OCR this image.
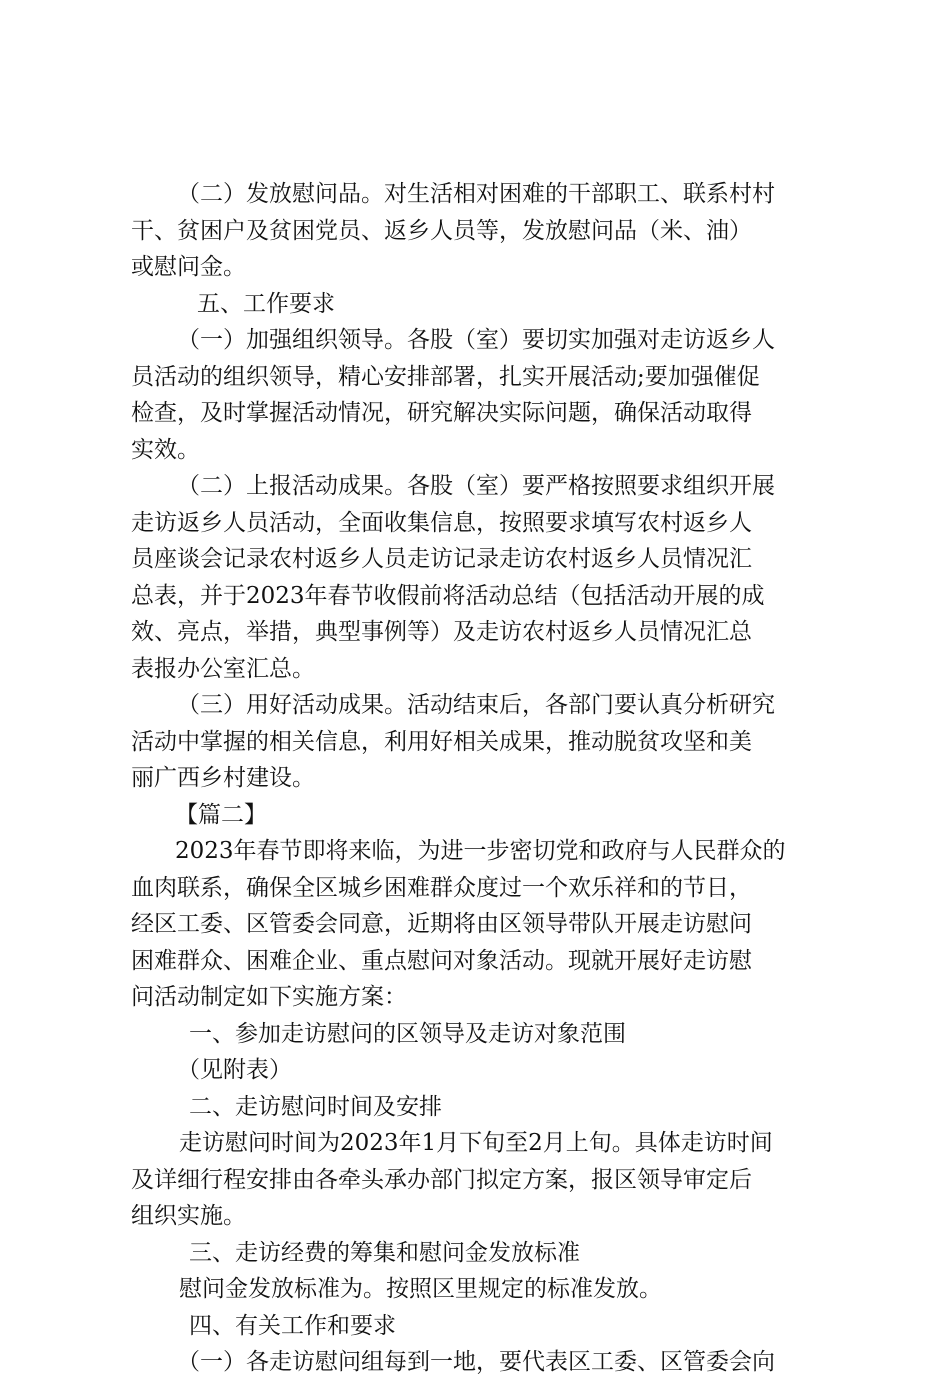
（二）发放慰问品。对生活相对困难的干部职工、联系村村
干、贫困户及贫困党员、返乡人员等，发放慰问品（米、油）
或慰问金。
五、工作要求
（一）加强组织领导。各股（室）要切实加强对走访返乡人
员活动的组织领导，精心安排部署，扎实开展活动;要加强催促
检查，及时掌握活动情况，研究解决实际问题，确保活动取得
实效。
（二）上报活动成果。各股（室）要严格按照要求组织开展
走访返乡人员活动，全面收集信息，按照要求填写农村返乡人
员座谈会记录农村返乡人员走访记录走访农村返乡人员情况汇
总表，并于2023年春节收假前将活动总结（包括活动开展的成
效、亮点，举措，典型事例等）及走访农村返乡人员情况汇总
表报办公室汇总。
（三）用好活动成果。活动结束后，各部门要认真分析研究
活动中掌握的相关信息，利用好相关成果，推动脱贫攻坚和美
丽广西乡村建设。
【篇二】
2023年春节即将来临，为进一步密切党和政府与人民群众的
血肉联系，确保全区城乡困难群众度过一个欢乐祥和的节日，
经区工委、区管委会同意，近期将由区领导带队开展走访慰问
困难群众、困难企业、重点慰问对象活动。现就开展好走访慰
问活动制定如下实施方案：
一、参加走访慰问的区领导及走访对象范围
（见附表）
二、走访慰问时间及安排
走访慰问时间为2023年1月下旬至2月上旬。具体走访时间
及详细行程安排由各牵头承办部门拟定方案，报区领导审定后
组织实施。
三、走访经费的筹集和慰问金发放标准
慰问金发放标准为。按照区里规定的标准发放。
四、有关工作和要求
（一）各走访慰问组每到一地，要代表区工委、区管委会向
